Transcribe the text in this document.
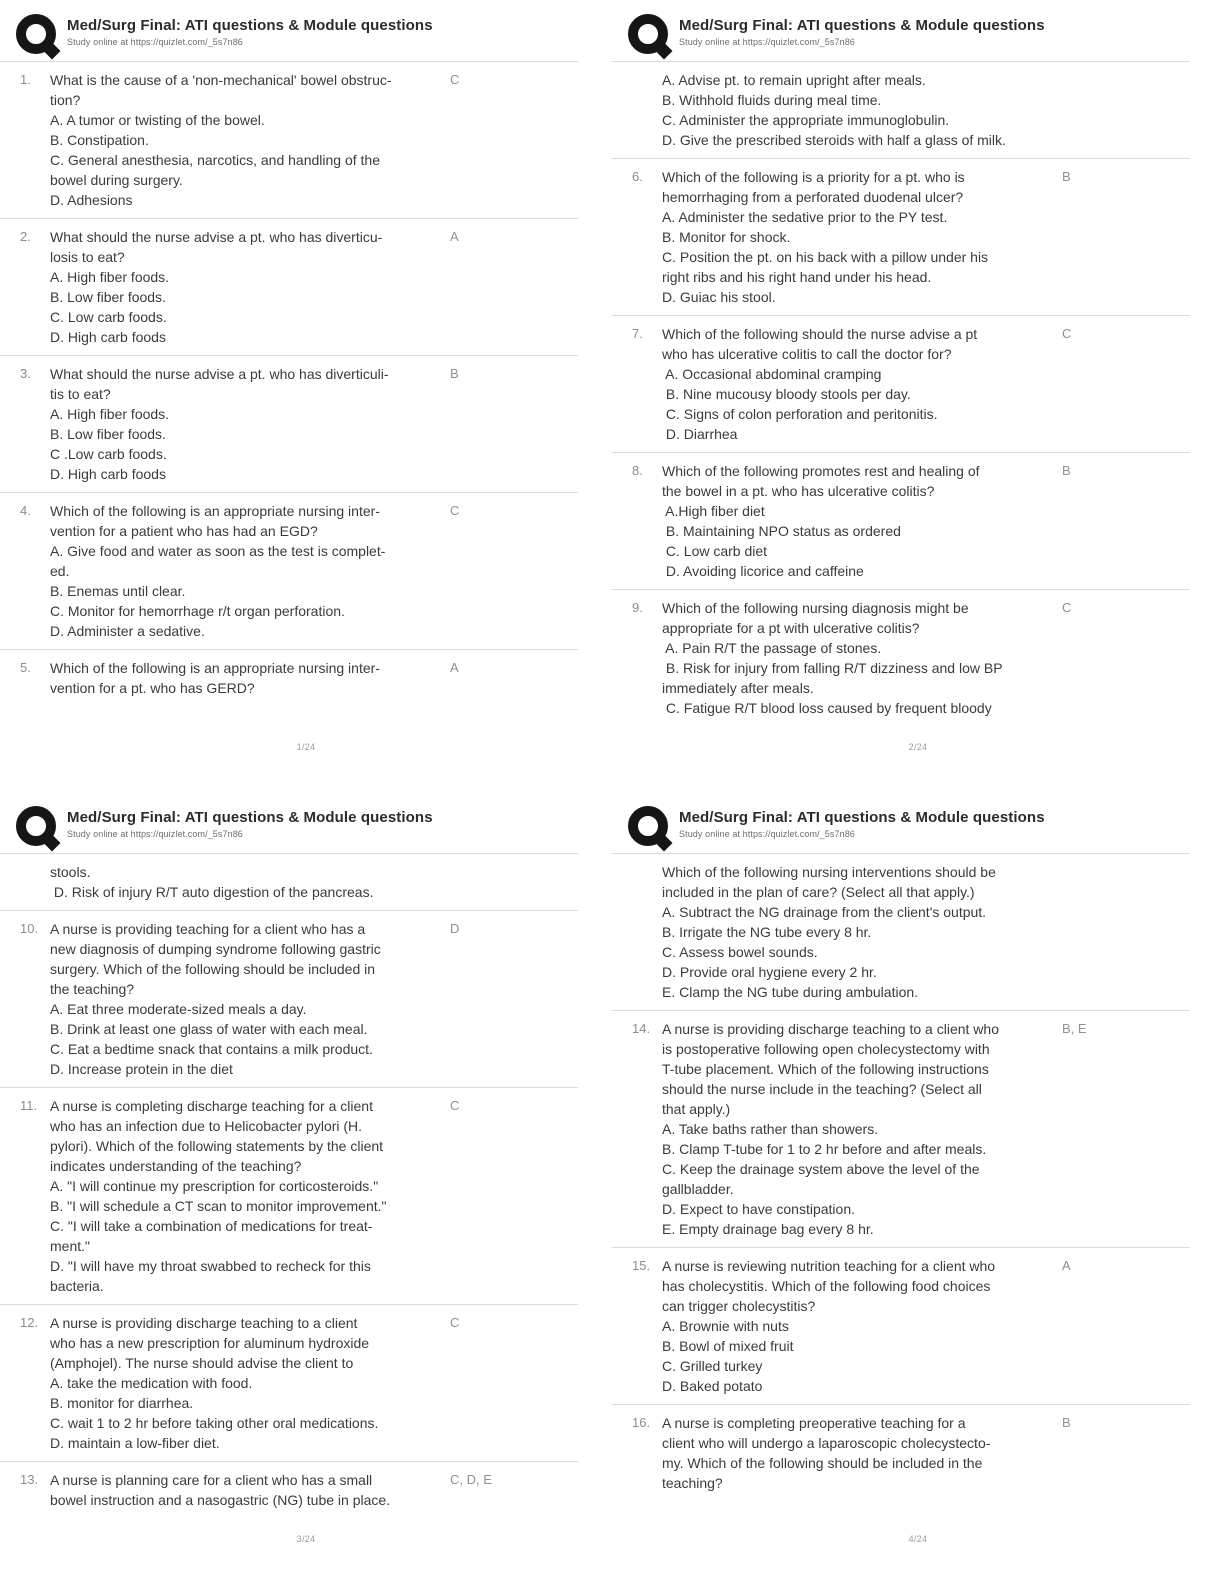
Med/Surg Final: ATI questions & Module questions
Study online at https://quizlet.com/_5s7n86
1.	What is the cause of a 'non-mechanical' bowel obstruc-
tion?
A. A tumor or twisting of the bowel.
B. Constipation.
C. General anesthesia, narcotics, and handling of the
bowel during surgery.
D. Adhesions
C
2.	What should the nurse advise a pt. who has diverticu-
losis to eat?
A. High fiber foods.
B. Low fiber foods.
C. Low carb foods.
D. High carb foods
A
3.	What should the nurse advise a pt. who has diverticuli-
tis to eat?
A. High fiber foods.
B. Low fiber foods.
C .Low carb foods.
D. High carb foods
B
4.	Which of the following is an appropriate nursing inter-
vention for a patient who has had an EGD?
A. Give food and water as soon as the test is complet-
ed.
B. Enemas until clear.
C. Monitor for hemorrhage r/t organ perforation.
D. Administer a sedative.
C
5.	Which of the following is an appropriate nursing inter-
vention for a pt. who has GERD?
A
1/24
Med/Surg Final: ATI questions & Module questions
Study online at https://quizlet.com/_5s7n86
A. Advise pt. to remain upright after meals.
B. Withhold fluids during meal time.
C. Administer the appropriate immunoglobulin.
D. Give the prescribed steroids with half a glass of milk.
6.	Which of the following is a priority for a pt. who is
hemorrhaging from a perforated duodenal ulcer?
A. Administer the sedative prior to the PY test.
B. Monitor for shock.
C. Position the pt. on his back with a pillow under his
right ribs and his right hand under his head.
D. Guiac his stool.
B
7.	Which of the following should the nurse advise a pt
who has ulcerative colitis to call the doctor for?
A. Occasional abdominal cramping
B. Nine mucousy bloody stools per day.
C. Signs of colon perforation and peritonitis.
D. Diarrhea
C
8.	Which of the following promotes rest and healing of
the bowel in a pt. who has ulcerative colitis?
A.High fiber diet
B. Maintaining NPO status as ordered
C. Low carb diet
D. Avoiding licorice and caffeine
B
9.	Which of the following nursing diagnosis might be
appropriate for a pt with ulcerative colitis?
A. Pain R/T the passage of stones.
B. Risk for injury from falling R/T dizziness and low BP
immediately after meals.
C. Fatigue R/T blood loss caused by frequent bloody
C
2/24
Med/Surg Final: ATI questions & Module questions
Study online at https://quizlet.com/_5s7n86
stools.
D. Risk of injury R/T auto digestion of the pancreas.
10. A nurse is providing teaching for a client who has a
new diagnosis of dumping syndrome following gastric
surgery. Which of the following should be included in
the teaching?
A. Eat three moderate-sized meals a day.
B. Drink at least one glass of water with each meal.
C. Eat a bedtime snack that contains a milk product.
D. Increase protein in the diet
D
11. A nurse is completing discharge teaching for a client
who has an infection due to Helicobacter pylori (H.
pylori). Which of the following statements by the client
indicates understanding of the teaching?
A. "I will continue my prescription for corticosteroids."
B. "I will schedule a CT scan to monitor improvement."
C. "I will take a combination of medications for treat-
ment."
D. "I will have my throat swabbed to recheck for this
bacteria.
C
12. A nurse is providing discharge teaching to a client
who has a new prescription for aluminum hydroxide
(Amphojel). The nurse should advise the client to
A. take the medication with food.
B. monitor for diarrhea.
C. wait 1 to 2 hr before taking other oral medications.
D. maintain a low-fiber diet.
C
13. A nurse is planning care for a client who has a small
bowel instruction and a nasogastric (NG) tube in place.
C, D, E
3/24
Med/Surg Final: ATI questions & Module questions
Study online at https://quizlet.com/_5s7n86
Which of the following nursing interventions should be
included in the plan of care? (Select all that apply.)
A. Subtract the NG drainage from the client's output.
B. Irrigate the NG tube every 8 hr.
C. Assess bowel sounds.
D. Provide oral hygiene every 2 hr.
E. Clamp the NG tube during ambulation.
14. A nurse is providing discharge teaching to a client who
is postoperative following open cholecystectomy with
T-tube placement. Which of the following instructions
should the nurse include in the teaching? (Select all
that apply.)
A. Take baths rather than showers.
B. Clamp T-tube for 1 to 2 hr before and after meals.
C. Keep the drainage system above the level of the
gallbladder.
D. Expect to have constipation.
E. Empty drainage bag every 8 hr.
B, E
15. A nurse is reviewing nutrition teaching for a client who
has cholecystitis. Which of the following food choices
can trigger cholecystitis?
A. Brownie with nuts
B. Bowl of mixed fruit
C. Grilled turkey
D. Baked potato
A
16. A nurse is completing preoperative teaching for a
client who will undergo a laparoscopic cholecystecto-
my. Which of the following should be included in the
teaching?
B
4/24
